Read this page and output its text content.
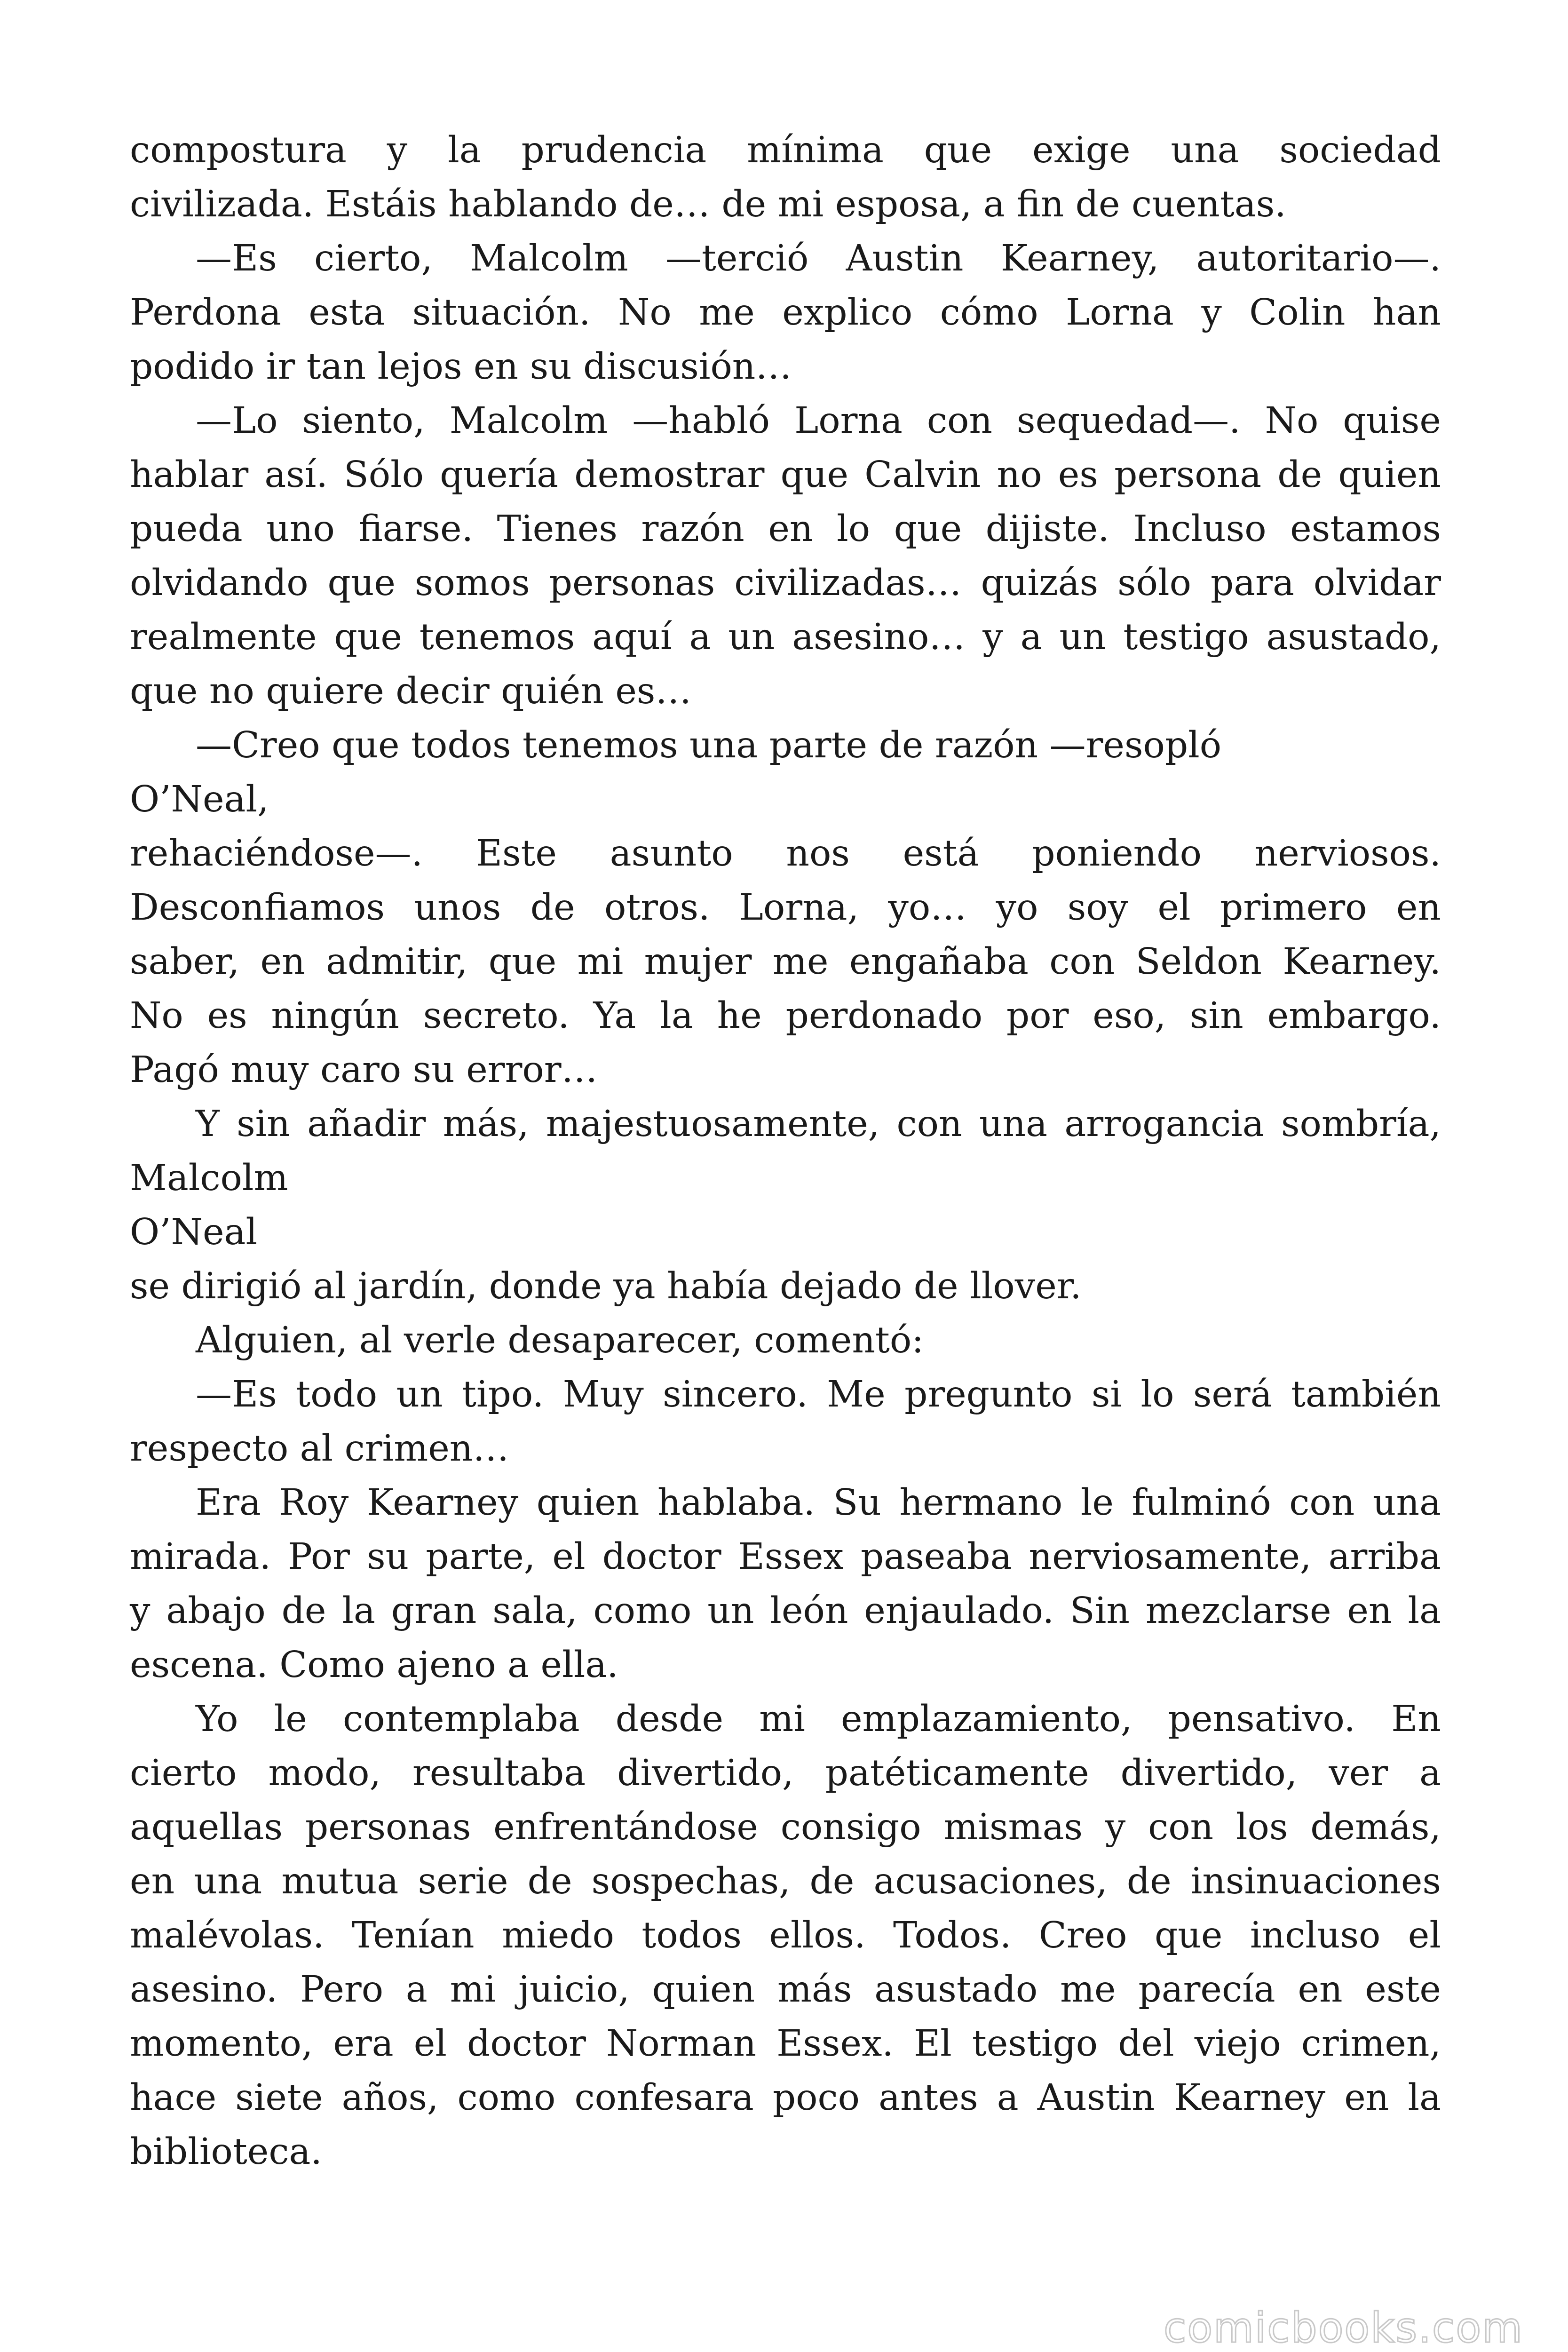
compostura y la prudencia mínima que exige una sociedad
civilizada. Estáis hablando de… de mi esposa, a fin de cuentas.
—Es cierto, Malcolm —terció Austin Kearney, autoritario—.
Perdona esta situación. No me explico cómo Lorna y Colin han
podido ir tan lejos en su discusión…
—Lo siento, Malcolm —habló Lorna con sequedad—. No quise
hablar así. Sólo quería demostrar que Calvin no es persona de quien
pueda uno fiarse. Tienes razón en lo que dijiste. Incluso estamos
olvidando que somos personas civilizadas… quizás sólo para olvidar
realmente que tenemos aquí a un asesino… y a un testigo asustado,
que no quiere decir quién es…
—Creo que todos tenemos una parte de razón —resopló
O’Neal,
rehaciéndose—. Este asunto nos está poniendo nerviosos.
Desconfiamos unos de otros. Lorna, yo… yo soy el primero en
saber, en admitir, que mi mujer me engañaba con Seldon Kearney.
No es ningún secreto. Ya la he perdonado por eso, sin embargo.
Pagó muy caro su error…
Y sin añadir más, majestuosamente, con una arrogancia sombría,
Malcolm
O’Neal
se dirigió al jardín, donde ya había dejado de llover.
Alguien, al verle desaparecer, comentó:
—Es todo un tipo. Muy sincero. Me pregunto si lo será también
respecto al crimen…
Era Roy Kearney quien hablaba. Su hermano le fulminó con una
mirada. Por su parte, el doctor Essex paseaba nerviosamente, arriba
y abajo de la gran sala, como un león enjaulado. Sin mezclarse en la
escena. Como ajeno a ella.
Yo le contemplaba desde mi emplazamiento, pensativo. En
cierto modo, resultaba divertido, patéticamente divertido, ver a
aquellas personas enfrentándose consigo mismas y con los demás,
en una mutua serie de sospechas, de acusaciones, de insinuaciones
malévolas. Tenían miedo todos ellos. Todos. Creo que incluso el
asesino. Pero a mi juicio, quien más asustado me parecía en este
momento, era el doctor Norman Essex. El testigo del viejo crimen,
hace siete años, como confesara poco antes a Austin Kearney en la
biblioteca.
comicbooks.com
